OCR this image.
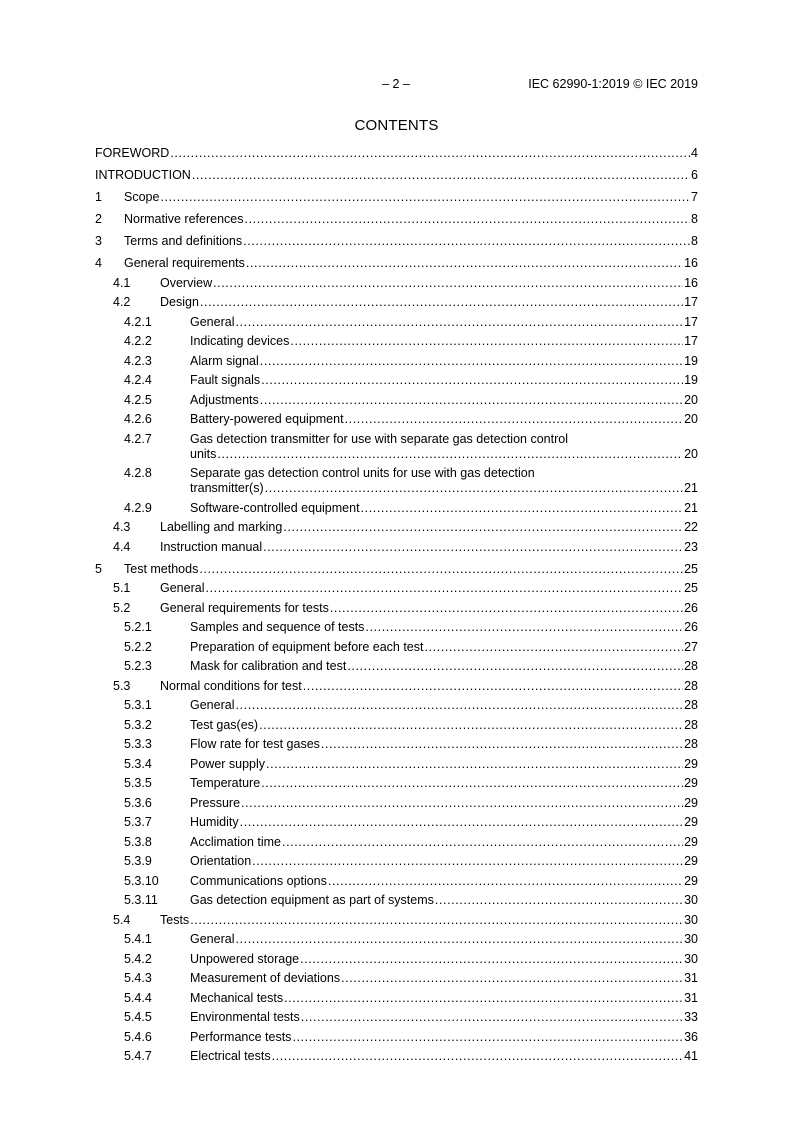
– 2 –	IEC 62990-1:2019 © IEC 2019
CONTENTS
FOREWORD .....	4
INTRODUCTION .....	6
1	Scope .....	7
2	Normative references .....	8
3	Terms and definitions .....	8
4	General requirements .....	16
4.1	Overview .....	16
4.2	Design .....	17
4.2.1	General .....	17
4.2.2	Indicating devices .....	17
4.2.3	Alarm signal .....	19
4.2.4	Fault signals .....	19
4.2.5	Adjustments .....	20
4.2.6	Battery-powered equipment .....	20
4.2.7	Gas detection transmitter for use with separate gas detection control
units .....	20
4.2.8	Separate gas detection control units for use with gas detection
transmitter(s) .....	21
4.2.9	Software-controlled equipment .....	21
4.3	Labelling and marking .....	22
4.4	Instruction manual .....	23
5	Test methods .....	25
5.1	General .....	25
5.2	General requirements for tests .....	26
5.2.1	Samples and sequence of tests .....	26
5.2.2	Preparation of equipment before each test .....	27
5.2.3	Mask for calibration and test .....	28
5.3	Normal conditions for test .....	28
5.3.1	General .....	28
5.3.2	Test gas(es) .....	28
5.3.3	Flow rate for test gases .....	28
5.3.4	Power supply .....	29
5.3.5	Temperature .....	29
5.3.6	Pressure .....	29
5.3.7	Humidity .....	29
5.3.8	Acclimation time .....	29
5.3.9	Orientation .....	29
5.3.10	Communications options .....	29
5.3.11	Gas detection equipment as part of systems .....	30
5.4	Tests .....	30
5.4.1	General .....	30
5.4.2	Unpowered storage .....	30
5.4.3	Measurement of deviations .....	31
5.4.4	Mechanical tests .....	31
5.4.5	Environmental tests .....	33
5.4.6	Performance tests .....	36
5.4.7	Electrical tests .....	41
